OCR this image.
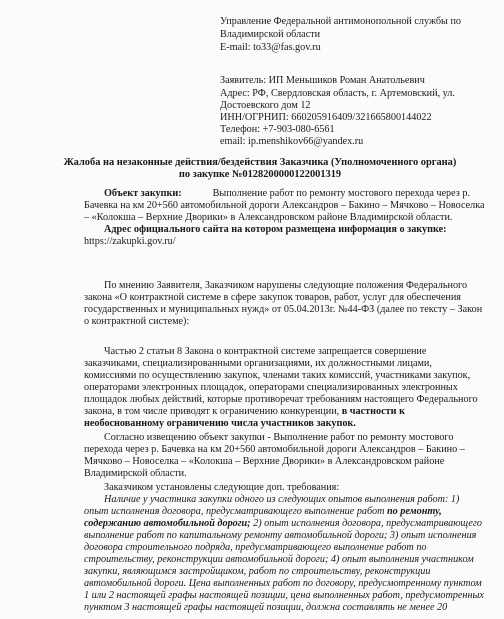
Управление Федеральной антимонопольной службы по
Владимирской области
E-mail: to33@fas.gov.ru
Заявитель: ИП Меньшиков Роман Анатольевич
Адрес: РФ, Свердловская область, г. Артемовский, ул.
Достоевского дом 12
ИНН/ОГРНИП: 660205916409/321665800144022
Телефон: +7-903-080-6561
email: ip.menshikov66@yandex.ru
Жалоба на незаконные действия/бездействия Заказчика (Уполномоченного органа)
по закупке №0128200000122001319
Объект закупки:	Выполнение работ по ремонту мостового перехода через р.
Бачевка на км 20+560 автомобильной дороги Александров – Бакино – Мячково – Новоселка
– «Колокша – Верхние Дворики» в Александровском районе Владимирской области.
Адрес официального сайта на котором размещена информация о закупке:
https://zakupki.gov.ru/
По мнению Заявителя, Заказчиком нарушены следующие положения Федерального
закона «О контрактной системе в сфере закупок товаров, работ, услуг для обеспечения
государственных и муниципальных нужд» от 05.04.2013г. №44-ФЗ (далее по тексту – Закон
о контрактной системе):
Частью 2 статьи 8 Закона о контрактной системе запрещается совершение
заказчиками, специализированными организациями, их должностными лицами,
комиссиями по осуществлению закупок, членами таких комиссий, участниками закупок,
операторами электронных площадок, операторами специализированных электронных
площадок любых действий, которые противоречат требованиям настоящего Федерального
закона, в том числе приводят к ограничению конкуренции, в частности к
необоснованному ограничению числа участников закупок.
Согласно извещению объект закупки - Выполнение работ по ремонту мостового
перехода через р. Бачевка на км 20+560 автомобильной дороги Александров – Бакино –
Мячково – Новоселка – «Колокша – Верхние Дворики» в Александровском районе
Владимирской области.
Заказчиком установлены следующие доп. требования:
Наличие у участника закупки одного из следующих опытов выполнения работ: 1)
опыт исполнения договора, предусматривающего выполнение работ по ремонту,
содержанию автомобильной дороги; 2) опыт исполнения договора, предусматривающего
выполнение работ по капитальному ремонту автомобильной дороги; 3) опыт исполнения
договора строительного подряда, предусматривающего выполнение работ по
строительству, реконструкции автомобильной дороги; 4) опыт выполнения участником
закупки, являющимся застройщиком, работ по строительству, реконструкции
автомобильной дороги. Цена выполненных работ по договору, предусмотренному пунктом
1 или 2 настоящей графы настоящей позиции, цена выполненных работ, предусмотренных
пунктом 3 настоящей графы настоящей позиции, должна составлять не менее 20
